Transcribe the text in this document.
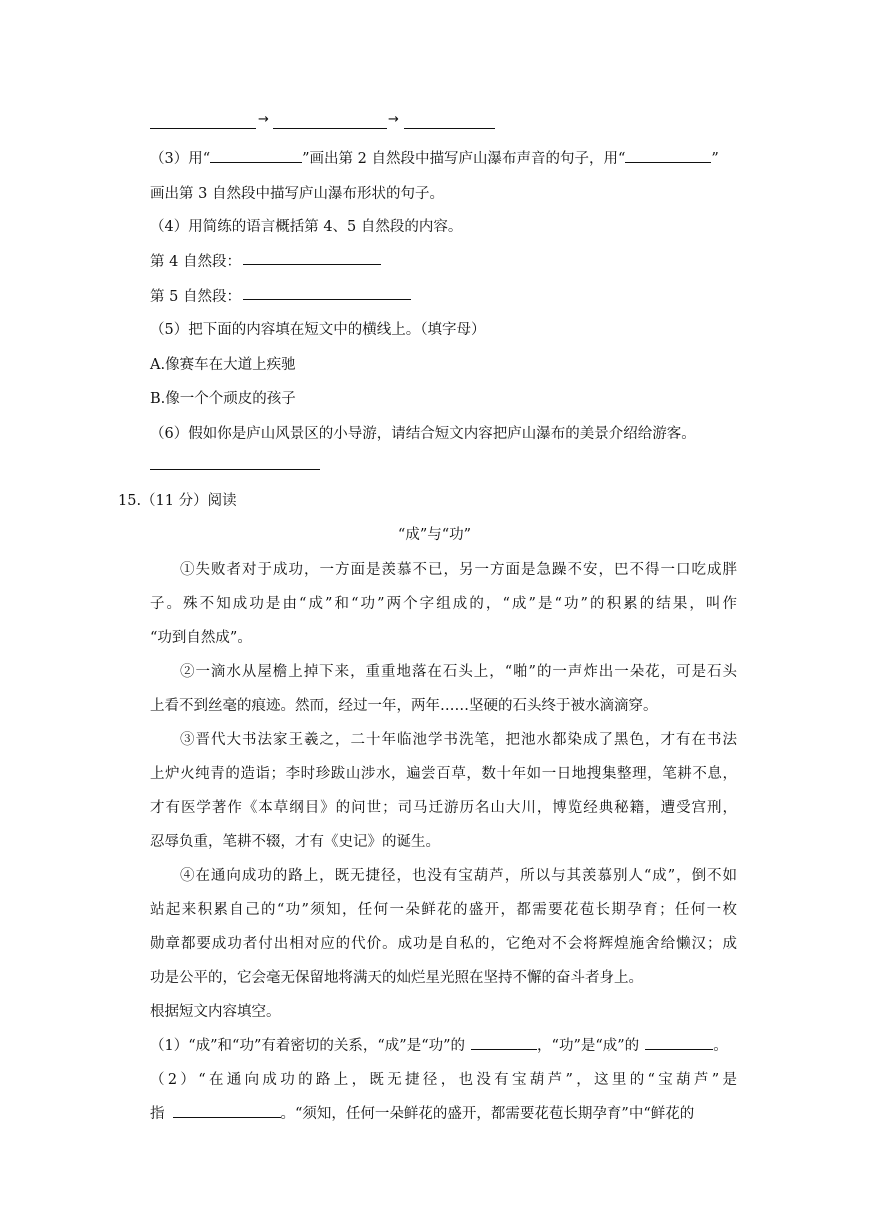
→	→
（3）用“	”画出第 2 自然段中描写庐山瀑布声音的句子，用“	”
画出第 3 自然段中描写庐山瀑布形状的句子。
（4）用简练的语言概括第 4、5 自然段的内容。
第 4 自然段：
第 5 自然段：
（5）把下面的内容填在短文中的横线上。（填字母）
A.像赛车在大道上疾驰
B.像一个个顽皮的孩子
（6）假如你是庐山风景区的小导游，请结合短文内容把庐山瀑布的美景介绍给游客。
15.（11 分）阅读
“成”与“功”
①失败者对于成功，一方面是羡慕不已，另一方面是急躁不安，巴不得一口吃成胖
子。殊不知成功是由“成”和“功”两个字组成的，“成”是“功”的积累的结果，叫作
“功到自然成”。
②一滴水从屋檐上掉下来，重重地落在石头上，“啪”的一声炸出一朵花，可是石头
上看不到丝毫的痕迹。然而，经过一年，两年……坚硬的石头终于被水滴滴穿。
③晋代大书法家王羲之，二十年临池学书洗笔，把池水都染成了黑色，才有在书法
上炉火纯青的造诣；李时珍跋山涉水，遍尝百草，数十年如一日地搜集整理，笔耕不息，
才有医学著作《本草纲目》的问世；司马迁游历名山大川，博览经典秘籍，遭受宫刑，
忍辱负重，笔耕不辍，才有《史记》的诞生。
④在通向成功的路上，既无捷径，也没有宝葫芦，所以与其羡慕别人“成”，倒不如
站起来积累自己的“功”须知，任何一朵鲜花的盛开，都需要花苞长期孕育；任何一枚
勋章都要成功者付出相对应的代价。成功是自私的，它绝对不会将辉煌施舍给懒汉；成
功是公平的，它会毫无保留地将满天的灿烂星光照在坚持不懈的奋斗者身上。
根据短文内容填空。
（1）“成”和“功”有着密切的关系，“成”是“功”的	，“功”是“成”的	。
（2）“在通向成功的路上，既无捷径，也没有宝葫芦”，这里的“宝葫芦”是
指	。“须知，任何一朵鲜花的盛开，都需要花苞长期孕育”中“鲜花的
